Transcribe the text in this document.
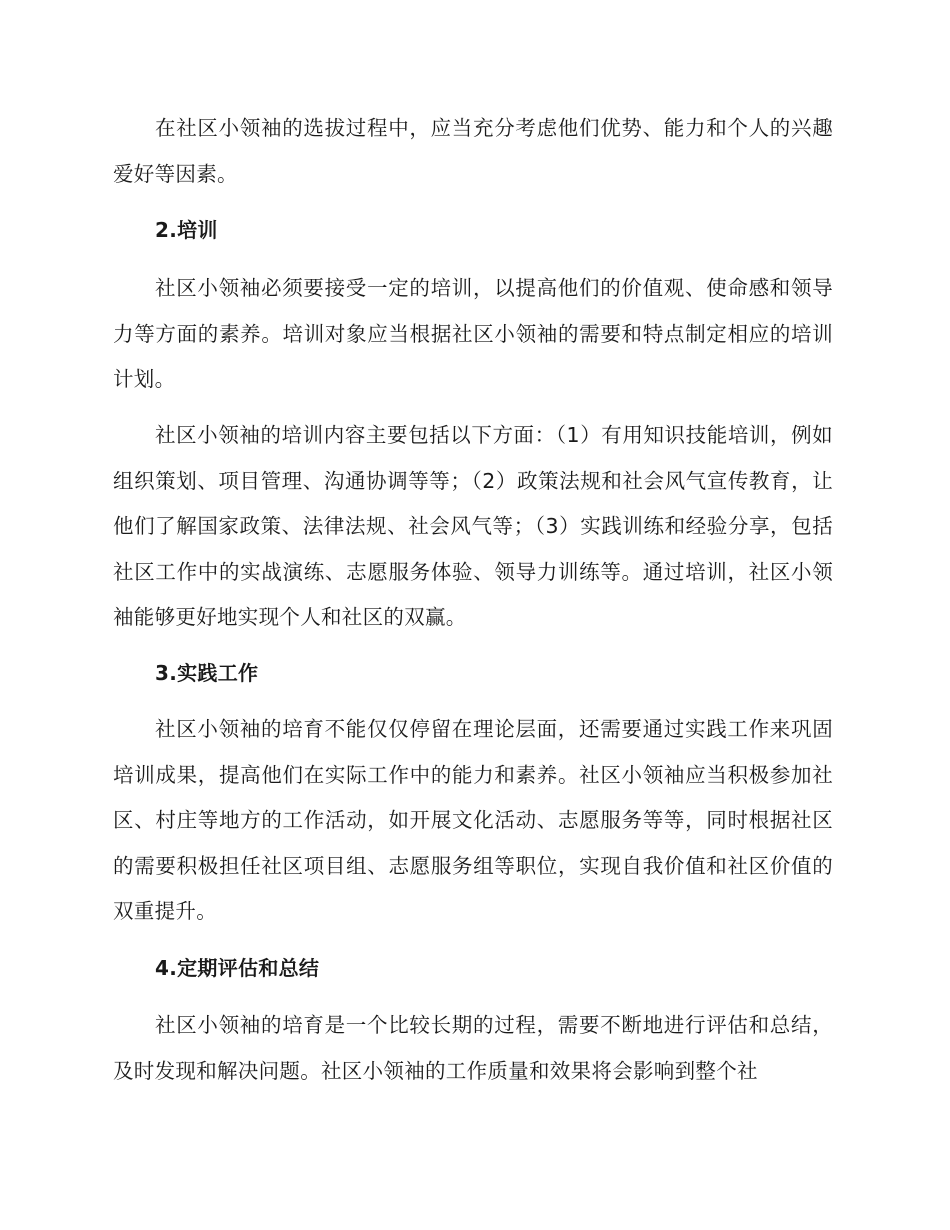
在社区小领袖的选拔过程中，应当充分考虑他们优势、能力和个人的兴趣爱好等因素。

2.培训

社区小领袖必须要接受一定的培训，以提高他们的价值观、使命感和领导力等方面的素养。培训对象应当根据社区小领袖的需要和特点制定相应的培训计划。

社区小领袖的培训内容主要包括以下方面：（1）有用知识技能培训，例如组织策划、项目管理、沟通协调等等；（2）政策法规和社会风气宣传教育，让他们了解国家政策、法律法规、社会风气等；（3）实践训练和经验分享，包括社区工作中的实战演练、志愿服务体验、领导力训练等。通过培训，社区小领袖能够更好地实现个人和社区的双赢。

3.实践工作

社区小领袖的培育不能仅仅停留在理论层面，还需要通过实践工作来巩固培训成果，提高他们在实际工作中的能力和素养。社区小领袖应当积极参加社区、村庄等地方的工作活动，如开展文化活动、志愿服务等等，同时根据社区的需要积极担任社区项目组、志愿服务组等职位，实现自我价值和社区价值的双重提升。

4.定期评估和总结

社区小领袖的培育是一个比较长期的过程，需要不断地进行评估和总结，及时发现和解决问题。社区小领袖的工作质量和效果将会影响到整个社
